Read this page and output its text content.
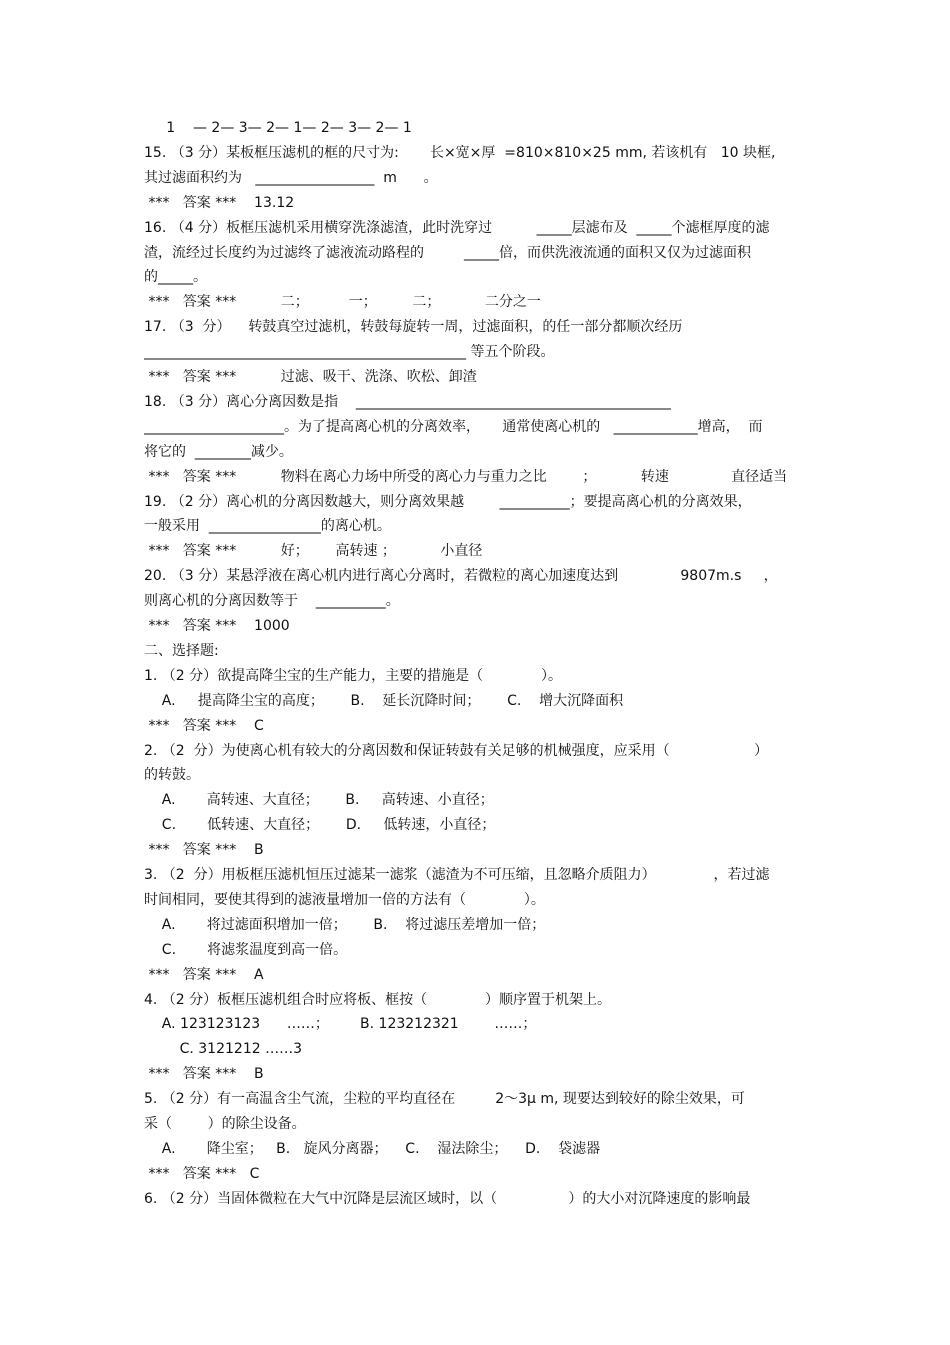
1    — 2— 3— 2— 1— 2— 3— 2— 1
15. （3 分）某板框压滤机的框的尺寸为:       长×宽×厚  =810×810×25 mm, 若该机有   10 块框,
其过滤面积约为   _________________  m      。
***   答案 ***    13.12
16. （4 分）板框压滤机采用横穿洗涤滤渣，此时洗穿过          _____层滤布及  _____个滤框厚度的滤
渣，流经过长度约为过滤终了滤液流动路程的         _____倍，而供洗液流通的面积又仅为过滤面积
的_____。
***   答案 ***          二；         一；        二；          二分之一
17. （3  分）    转鼓真空过滤机，转鼓每旋转一周，过滤面积，的任一部分都顺次经历
______________________________________________ 等五个阶段。
***   答案 ***          过滤、吸干、洗涤、吹松、卸渣
18. （3 分）离心分离因数是指    _____________________________________________
____________________。为了提高离心机的分离效率，     通常使离心机的   ____________增高，  而
将它的  ________减少。
***   答案 ***          物料在离心力场中所受的离心力与重力之比        ；          转速              直径适当
19. （2 分）离心机的分离因数越大，则分离效果越        __________；要提高离心机的分离效果，
一般采用  ________________的离心机。
***   答案 ***          好；      高转速 ；          小直径
20. （3 分）某悬浮液在离心机内进行离心分离时，若微粒的离心加速度达到              9807m.s     ，
则离心机的分离因数等于    __________。
***   答案 ***    1000
二、选择题:
1. （2 分）欲提高降尘宝的生产能力，主要的措施是（             ）。
A.     提高降尘宝的高度；      B.    延长沉降时间；      C.    增大沉降面积
***   答案 ***    C
2. （2  分）为使离心机有较大的分离因数和保证转鼓有关足够的机械强度，应采用（                   ）
的转鼓。
A.       高转速、大直径；      B.     高转速、小直径；
C.       低转速、大直径；      D.     低转速，小直径；
***   答案 ***    B
3. （2  分）用板框压滤机恒压过滤某一滤浆（滤渣为不可压缩，且忽略介质阻力）             ，若过滤
时间相同，要使其得到的滤液量增加一倍的方法有（             ）。
A.       将过滤面积增加一倍；      B.    将过滤压差增加一倍；
C.       将滤浆温度到高一倍。
***   答案 ***    A
4. （2 分）板框压滤机组合时应将板、框按（             ）顺序置于机架上。
A. 123123123      ……；       B. 123212321        ……；
C. 3121212 ……3
***   答案 ***    B
5. （2 分）有一高温含尘气流，尘粒的平均直径在         2～3μ m, 现要达到较好的除尘效果，可
采（        ）的除尘设备。
A.       降尘室；   B.   旋风分离器；    C.    湿法除尘；    D.    袋滤器
***   答案 ***   C
6. （2 分）当固体微粒在大气中沉降是层流区域时，以（                ）的大小对沉降速度的影响最
